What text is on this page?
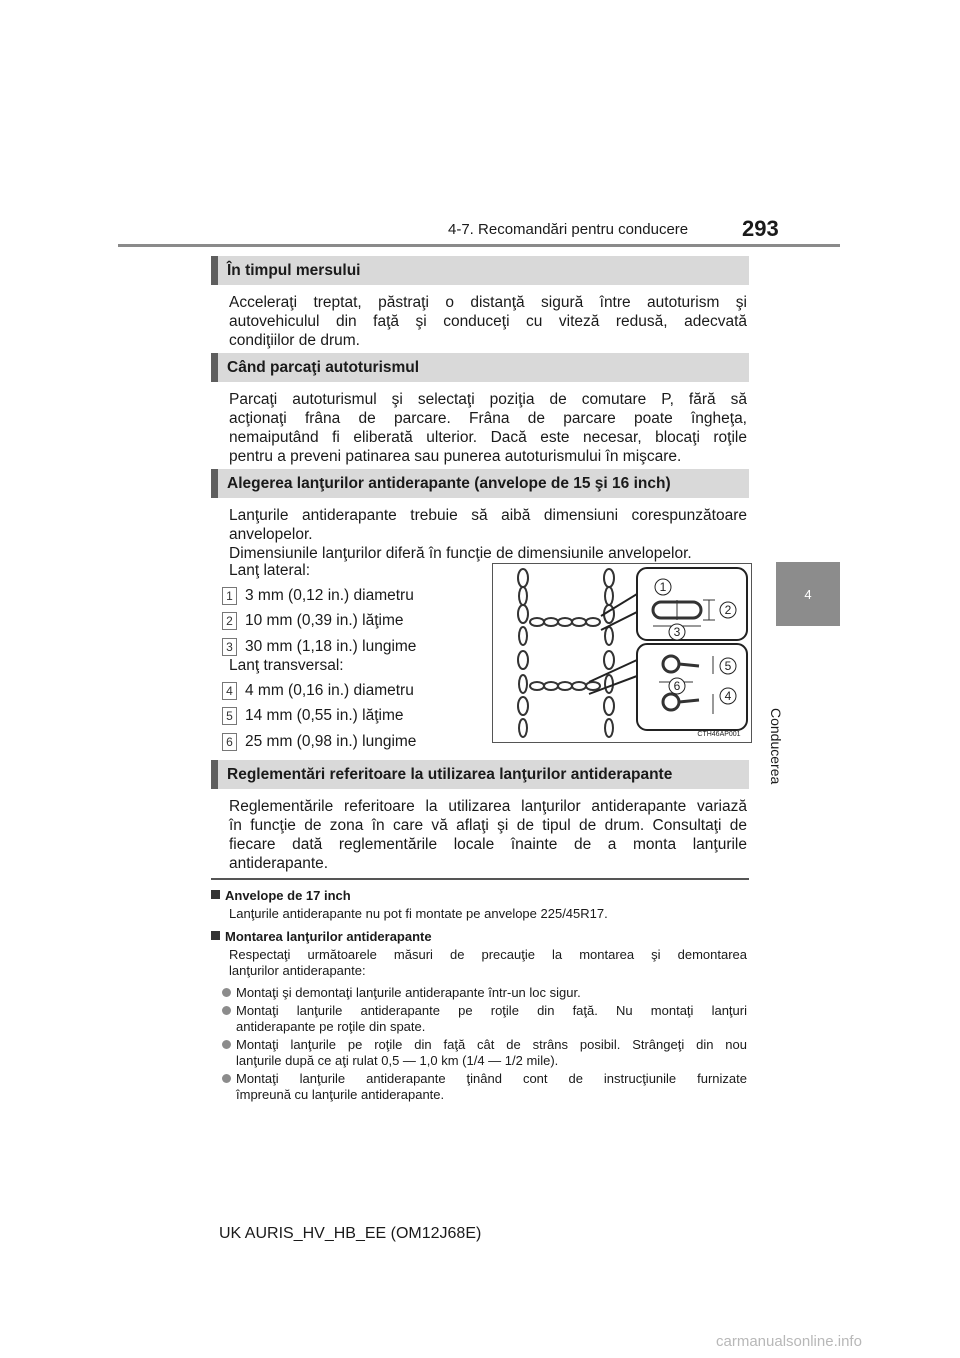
4-7. Recomandări pentru conducere 293
4
Conducerea
În timpul mersului
Acceleraţi treptat, păstraţi o distanţă sigură între autoturism şi
autovehiculul din faţă şi conduceţi cu viteză redusă, adecvată
condiţiilor de drum.
Când parcaţi autoturismul
Parcaţi autoturismul şi selectaţi poziţia de comutare P, fără să
acţionaţi frâna de parcare. Frâna de parcare poate îngheţa,
nemaiputând fi eliberată ulterior. Dacă este necesar, blocaţi roţile
pentru a preveni patinarea sau punerea autoturismului în mişcare.
Alegerea lanţurilor antiderapante (anvelope de 15 şi 16 inch)
Lanţurile antiderapante trebuie să aibă dimensiuni corespunzătoare
anvelopelor.
Dimensiunile lanţurilor diferă în funcţie de dimensiunile anvelopelor.
Lanţ lateral:
1 3 mm (0,12 in.) diametru
2 10 mm (0,39 in.) lăţime
3 30 mm (1,18 in.) lungime
Lanţ transversal:
4 4 mm (0,16 in.) diametru
5 14 mm (0,55 in.) lăţime
6 25 mm (0,98 in.) lungime
1
2
3
4
5
6
CTH46AP001
Reglementări referitoare la utilizarea lanţurilor antiderapante
Reglementările referitoare la utilizarea lanţurilor antiderapante variază
în funcţie de zona în care vă aflaţi şi de tipul de drum. Consultaţi de
fiecare dată reglementările locale înainte de a monta lanţurile
antiderapante.
Anvelope de 17 inch
Lanţurile antiderapante nu pot fi montate pe anvelope 225/45R17.
Montarea lanţurilor antiderapante
Respectaţi următoarele măsuri de precauţie la montarea şi demontarea
lanţurilor antiderapante:
Montaţi şi demontaţi lanţurile antiderapante într-un loc sigur.
Montaţi lanţurile antiderapante pe roţile din faţă. Nu montaţi lanţuri
antiderapante pe roţile din spate.
Montaţi lanţurile pe roţile din faţă cât de strâns posibil. Strângeţi din nou
lanţurile după ce aţi rulat 0,5 — 1,0 km (1/4 — 1/2 mile).
Montaţi lanţurile antiderapante ţinând cont de instrucţiunile furnizate
împreună cu lanţurile antiderapante.
UK AURIS_HV_HB_EE (OM12J68E)
carmanualsonline.info
